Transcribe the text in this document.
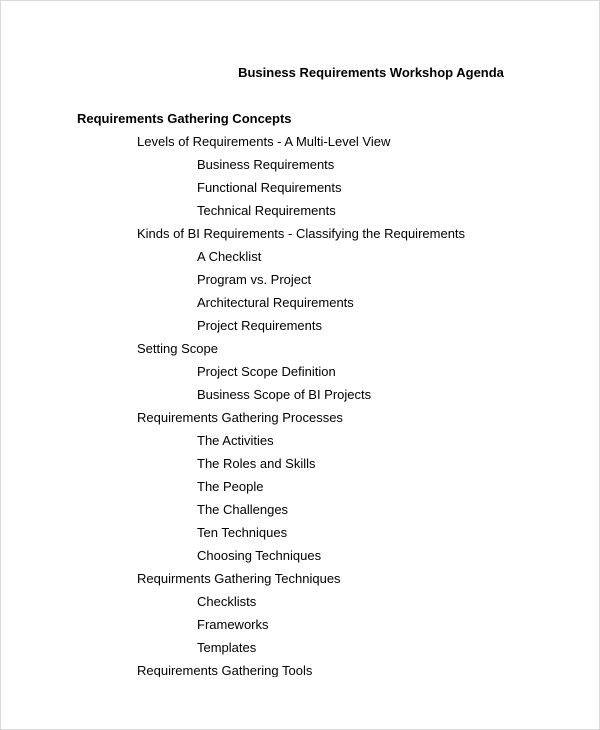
Business Requirements Workshop Agenda
Requirements Gathering Concepts
Levels of Requirements - A Multi-Level View
Business Requirements
Functional Requirements
Technical Requirements
Kinds of BI Requirements - Classifying the Requirements
A Checklist
Program vs. Project
Architectural Requirements
Project Requirements
Setting Scope
Project Scope Definition
Business Scope of BI Projects
Requirements Gathering Processes
The Activities
The Roles and Skills
The People
The Challenges
Ten Techniques
Choosing Techniques
Requirments Gathering Techniques
Checklists
Frameworks
Templates
Requirements Gathering Tools
